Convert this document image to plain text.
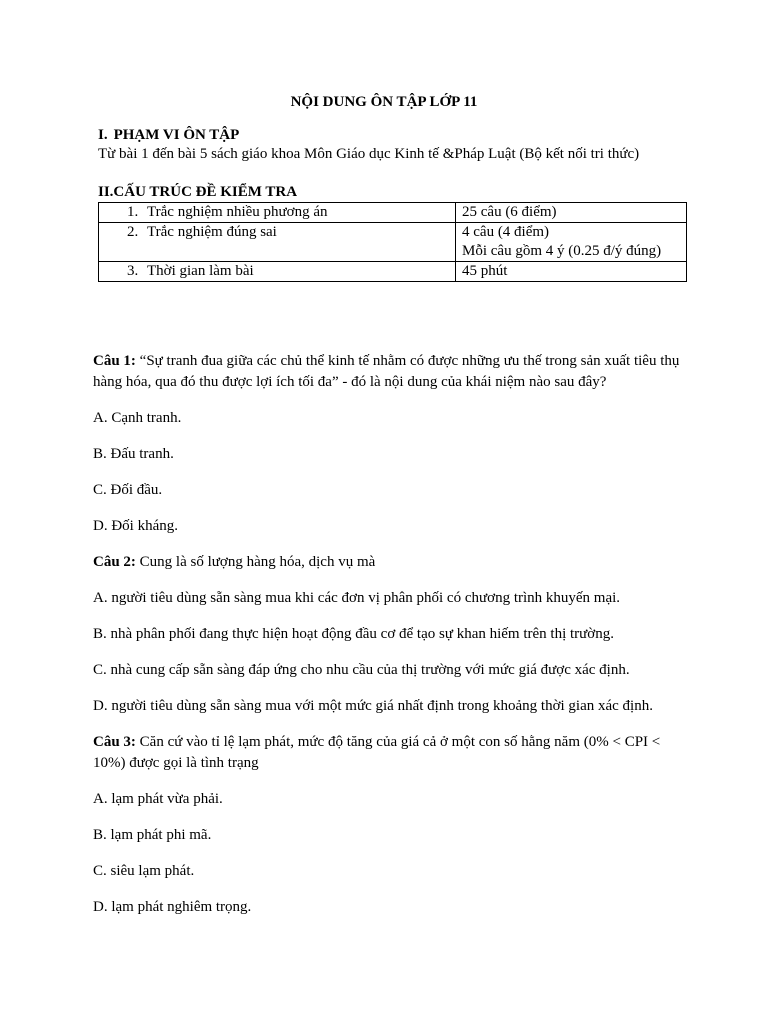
NỘI DUNG ÔN TẬP LỚP 11
I. PHẠM VI ÔN TẬP
Từ bài 1 đến bài 5 sách giáo khoa Môn Giáo dục Kinh tế &Pháp Luật (Bộ kết nối tri thức)
II.CẤU TRÚC ĐỀ KIỂM TRA
1. Trắc nghiệm nhiều phương án	25 câu (6 điểm)

2. Trắc nghiệm đúng sai	4 câu (4 điểm)
Mỗi câu gồm 4 ý (0.25 đ/ý đúng)

3. Thời gian làm bài	45 phút
Câu 1: “Sự tranh đua giữa các chủ thể kinh tế nhằm có được những ưu thế trong sản xuất tiêu thụ hàng hóa, qua đó thu được lợi ích tối đa” - đó là nội dung của khái niệm nào sau đây?
A. Cạnh tranh.
B. Đấu tranh.
C. Đối đầu.
D. Đối kháng.
Câu 2: Cung là số lượng hàng hóa, dịch vụ mà
A. người tiêu dùng sẵn sàng mua khi các đơn vị phân phối có chương trình khuyến mại.
B. nhà phân phối đang thực hiện hoạt động đầu cơ để tạo sự khan hiếm trên thị trường.
C. nhà cung cấp sẵn sàng đáp ứng cho nhu cầu của thị trường với mức giá được xác định.
D. người tiêu dùng sẵn sàng mua với một mức giá nhất định trong khoảng thời gian xác định.
Câu 3: Căn cứ vào tỉ lệ lạm phát, mức độ tăng của giá cả ở một con số hằng năm (0% < CPI < 10%) được gọi là tình trạng
A. lạm phát vừa phải.
B. lạm phát phi mã.
C. siêu lạm phát.
D. lạm phát nghiêm trọng.
